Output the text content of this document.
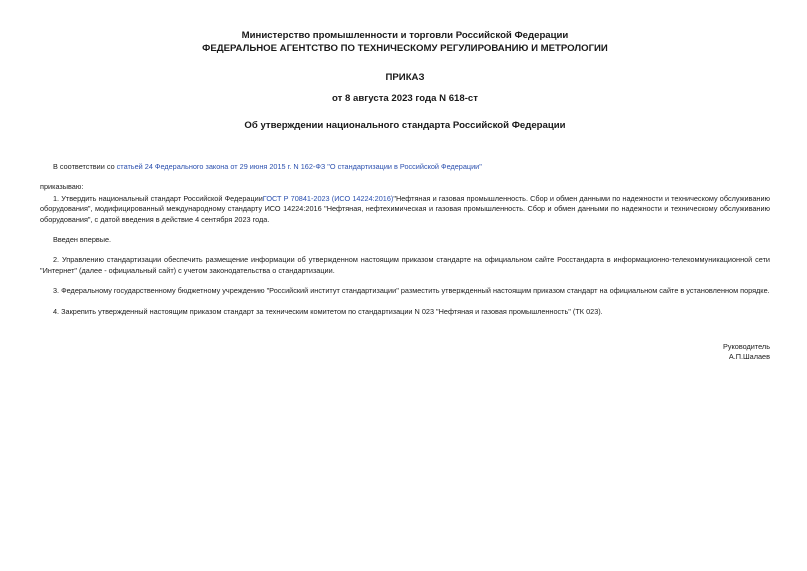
Министерство промышленности и торговли Российской Федерации
ФЕДЕРАЛЬНОЕ АГЕНТСТВО ПО ТЕХНИЧЕСКОМУ РЕГУЛИРОВАНИЮ И МЕТРОЛОГИИ
ПРИКАЗ
от 8 августа 2023 года N 618-ст
Об утверждении национального стандарта Российской Федерации
В соответствии со статьей 24 Федерального закона от 29 июня 2015 г. N 162-ФЗ "О стандартизации в Российской Федерации"
приказываю:
1. Утвердить национальный стандарт Российской ФедерацииГОСТ Р 70841-2023 (ИСО 14224:2016)"Нефтяная и газовая промышленность. Сбор и обмен данными по надежности и техническому обслуживанию оборудования", модифицированный международному стандарту ИСО 14224:2016 "Нефтяная, нефтехимическая и газовая промышленность. Сбор и обмен данными по надежности и техническому обслуживанию оборудования", с датой введения в действие 4 сентября 2023 года.
Введен впервые.
2. Управлению стандартизации обеспечить размещение информации об утвержденном настоящим приказом стандарте на официальном сайте Росстандарта в информационно-телекоммуникационной сети "Интернет" (далее - официальный сайт) с учетом законодательства о стандартизации.
3. Федеральному государственному бюджетному учреждению "Российский институт стандартизации" разместить утвержденный настоящим приказом стандарт на официальном сайте в установленном порядке.
4. Закрепить утвержденный настоящим приказом стандарт за техническим комитетом по стандартизации N 023 "Нефтяная и газовая промышленность" (ТК 023).
Руководитель
А.П.Шалаев
